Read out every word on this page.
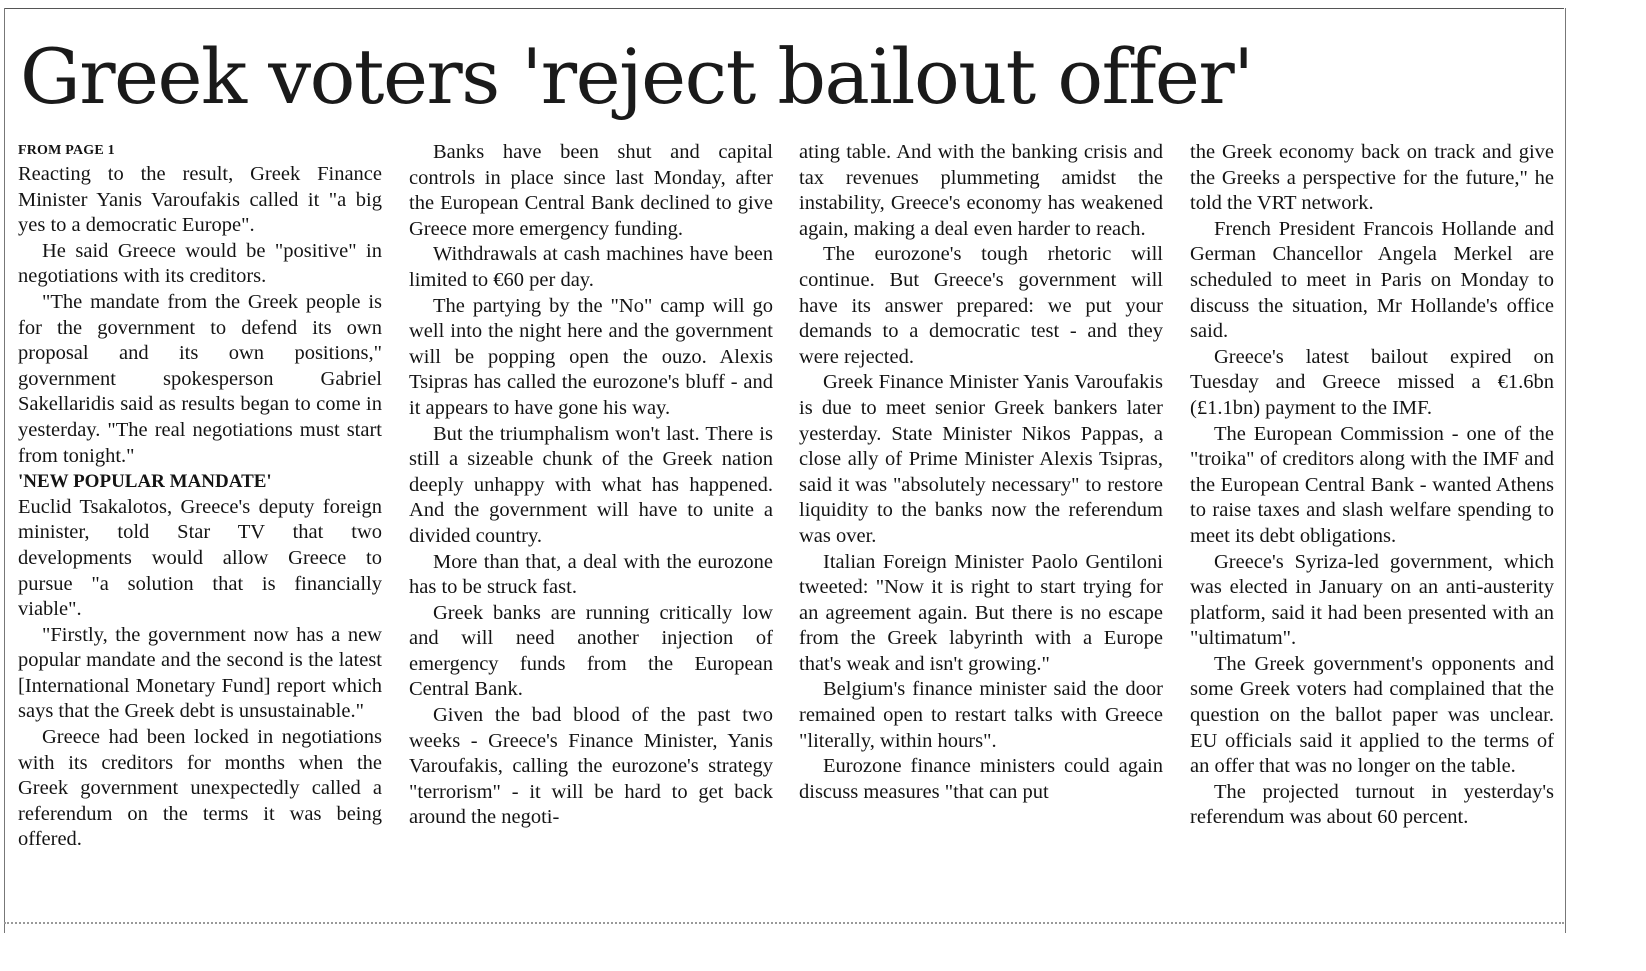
Greek voters 'reject bailout offer'
FROM PAGE 1

Reacting to the result, Greek Finance Minister Yanis Varoufakis called it "a big yes to a democratic Europe".

He said Greece would be "positive" in negotiations with its creditors.

"The mandate from the Greek people is for the government to defend its own proposal and its own positions," government spokesperson Gabriel Sakellaridis said as results began to come in yesterday. "The real negotiations must start from tonight."

'NEW POPULAR MANDATE'

Euclid Tsakalotos, Greece's deputy foreign minister, told Star TV that two developments would allow Greece to pursue "a solution that is financially viable".

"Firstly, the government now has a new popular mandate and the second is the latest [International Monetary Fund] report which says that the Greek debt is unsustainable."

Greece had been locked in negotiations with its creditors for months when the Greek government unexpectedly called a referendum on the terms it was being offered.

Banks have been shut and capital controls in place since last Monday, after the European Central Bank declined to give Greece more emergency funding.

Withdrawals at cash machines have been limited to €60 per day.

The partying by the "No" camp will go well into the night here and the government will be popping open the ouzo. Alexis Tsipras has called the eurozone's bluff - and it appears to have gone his way.

But the triumphalism won't last. There is still a sizeable chunk of the Greek nation deeply unhappy with what has happened. And the government will have to unite a divided country.

More than that, a deal with the eurozone has to be struck fast.

Greek banks are running critically low and will need another injection of emergency funds from the European Central Bank.

Given the bad blood of the past two weeks - Greece's Finance Minister, Yanis Varoufakis, calling the eurozone's strategy "terrorism" - it will be hard to get back around the negoti-

ating table. And with the banking crisis and tax revenues plummeting amidst the instability, Greece's economy has weakened again, making a deal even harder to reach.

The eurozone's tough rhetoric will continue. But Greece's government will have its answer prepared: we put your demands to a democratic test - and they were rejected.

Greek Finance Minister Yanis Varoufakis is due to meet senior Greek bankers later yesterday. State Minister Nikos Pappas, a close ally of Prime Minister Alexis Tsipras, said it was "absolutely necessary" to restore liquidity to the banks now the referendum was over.

Italian Foreign Minister Paolo Gentiloni tweeted: "Now it is right to start trying for an agreement again. But there is no escape from the Greek labyrinth with a Europe that's weak and isn't growing."

Belgium's finance minister said the door remained open to restart talks with Greece "literally, within hours".

Eurozone finance ministers could again discuss measures "that can put

the Greek economy back on track and give the Greeks a perspective for the future," he told the VRT network.

French President Francois Hollande and German Chancellor Angela Merkel are scheduled to meet in Paris on Monday to discuss the situation, Mr Hollande's office said.

Greece's latest bailout expired on Tuesday and Greece missed a €1.6bn (£1.1bn) payment to the IMF.

The European Commission - one of the "troika" of creditors along with the IMF and the European Central Bank - wanted Athens to raise taxes and slash welfare spending to meet its debt obligations.

Greece's Syriza-led government, which was elected in January on an anti-austerity platform, said it had been presented with an "ultimatum".

The Greek government's opponents and some Greek voters had complained that the question on the ballot paper was unclear. EU officials said it applied to the terms of an offer that was no longer on the table.

The projected turnout in yesterday's referendum was about 60 percent.
